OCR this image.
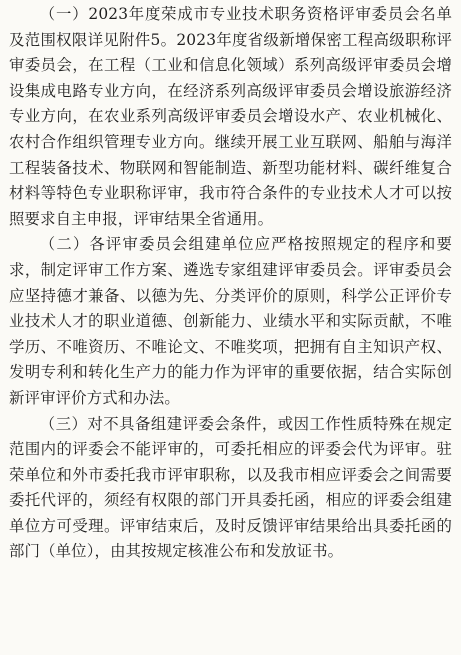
（一）2023年度荣成市专业技术职务资格评审委员会名单及范围权限详见附件5。2023年度省级新增保密工程高级职称评审委员会，在工程（工业和信息化领域）系列高级评审委员会增设集成电路专业方向，在经济系列高级评审委员会增设旅游经济专业方向，在农业系列高级评审委员会增设水产、农业机械化、农村合作组织管理专业方向。继续开展工业互联网、船舶与海洋工程装备技术、物联网和智能制造、新型功能材料、碳纤维复合材料等特色专业职称评审，我市符合条件的专业技术人才可以按照要求自主申报，评审结果全省通用。

（二）各评审委员会组建单位应严格按照规定的程序和要求，制定评审工作方案、遴选专家组建评审委员会。评审委员会应坚持德才兼备、以德为先、分类评价的原则，科学公正评价专业技术人才的职业道德、创新能力、业绩水平和实际贡献，不唯学历、不唯资历、不唯论文、不唯奖项，把拥有自主知识产权、发明专利和转化生产力的能力作为评审的重要依据，结合实际创新评审评价方式和办法。

（三）对不具备组建评委会条件，或因工作性质特殊在规定范围内的评委会不能评审的，可委托相应的评委会代为评审。驻荣单位和外市委托我市评审职称，以及我市相应评委会之间需要委托代评的，须经有权限的部门开具委托函，相应的评委会组建单位方可受理。评审结束后，及时反馈评审结果给出具委托函的部门（单位），由其按规定核准公布和发放证书。
